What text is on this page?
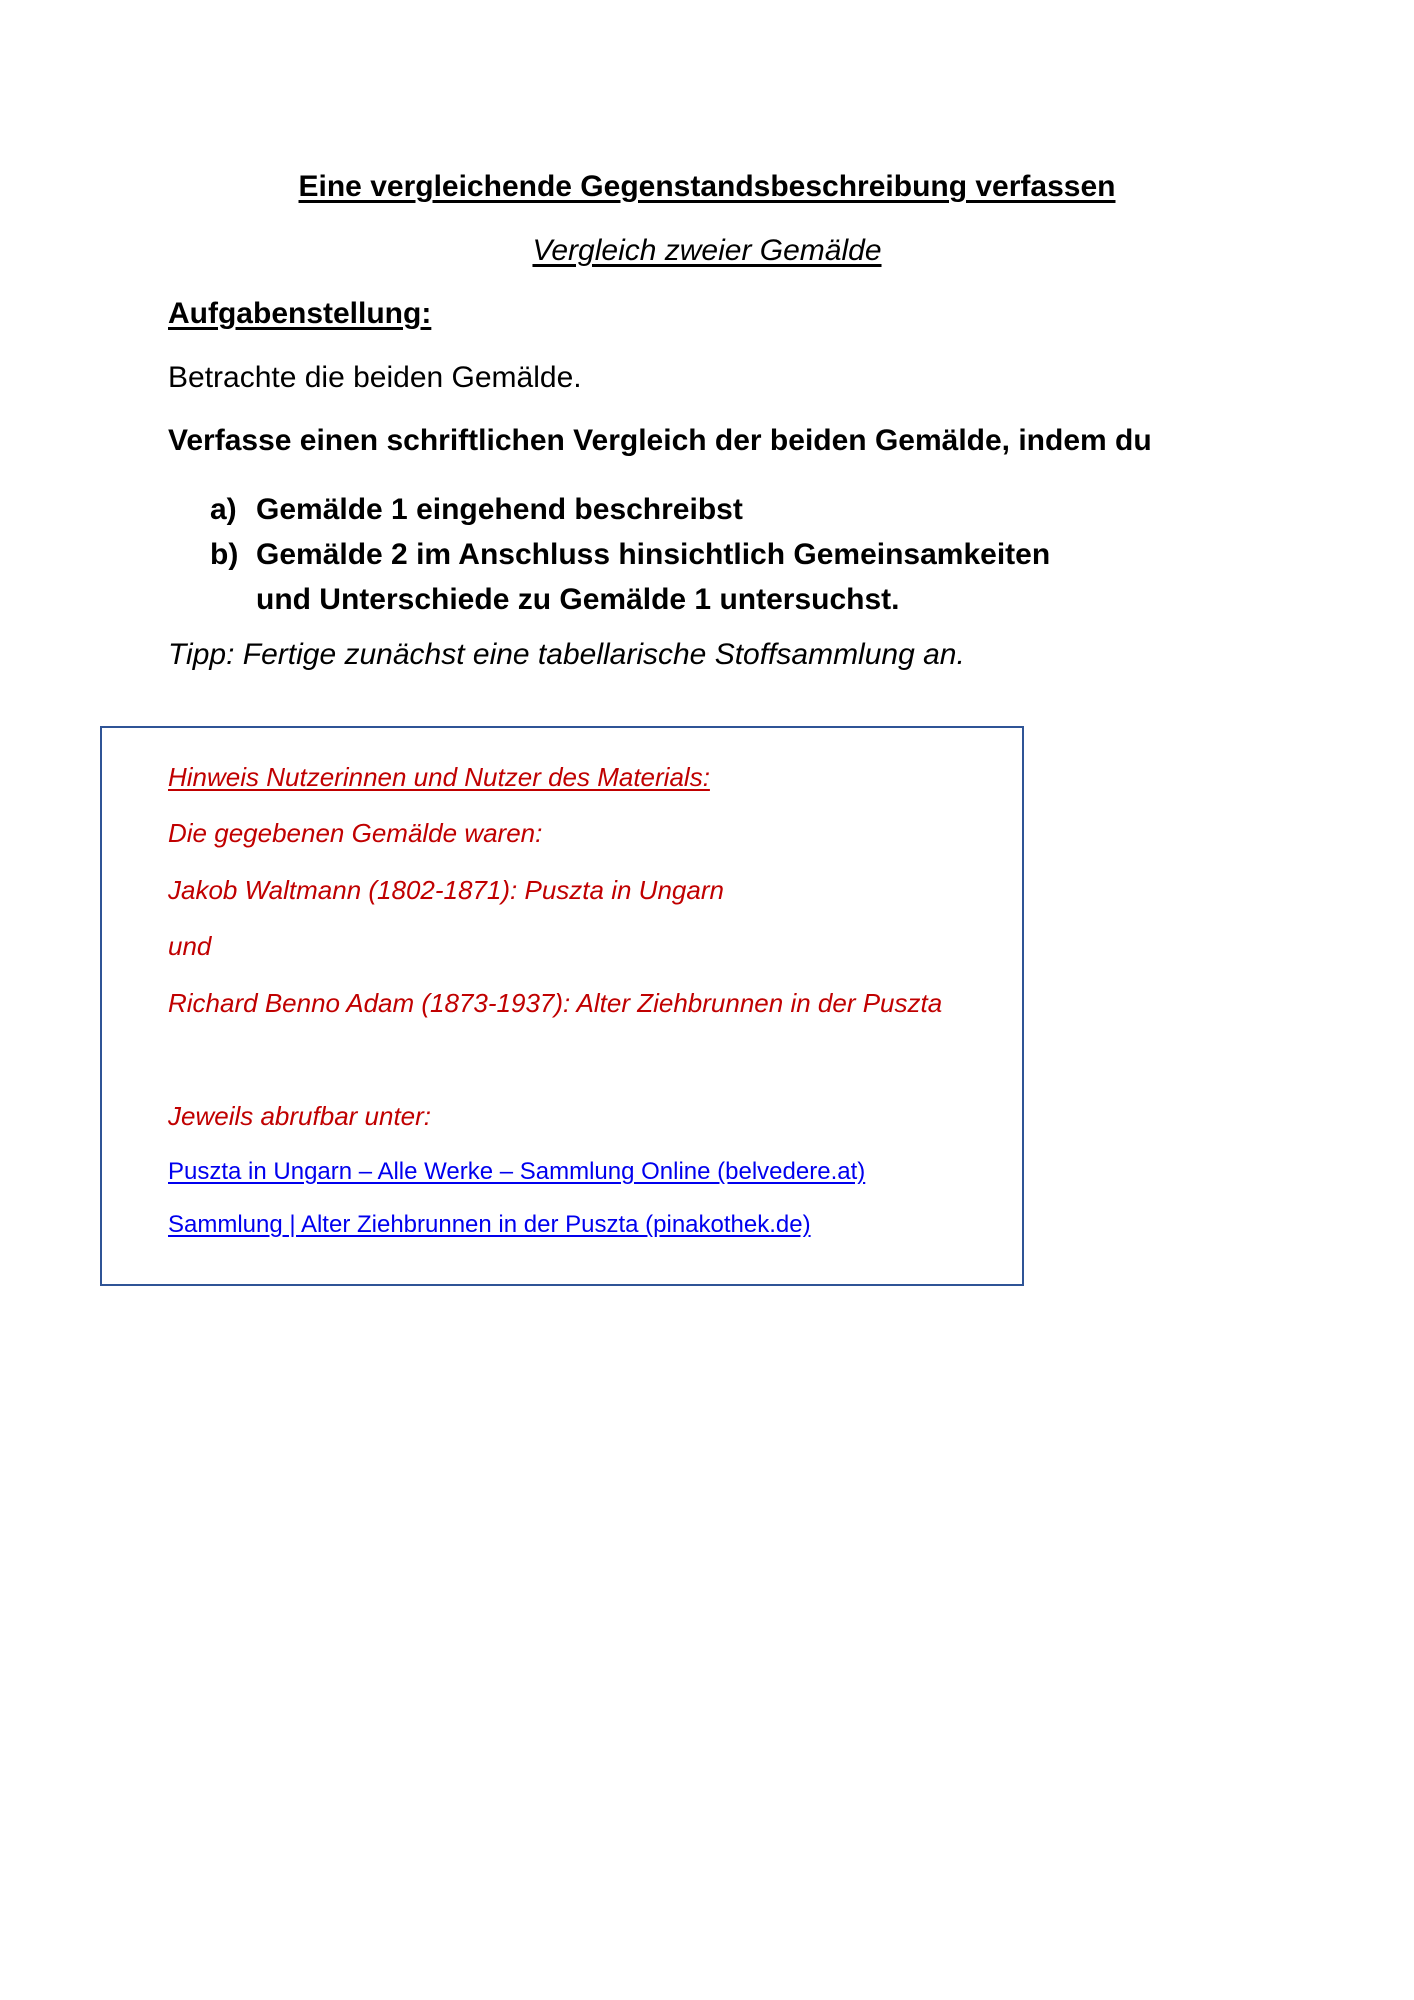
Eine vergleichende Gegenstandsbeschreibung verfassen
Vergleich zweier Gemälde
Aufgabenstellung:
Betrachte die beiden Gemälde.
Verfasse einen schriftlichen Vergleich der beiden Gemälde, indem du
a) Gemälde 1 eingehend beschreibst
b) Gemälde 2 im Anschluss hinsichtlich Gemeinsamkeiten und Unterschiede zu Gemälde 1 untersuchst.
Tipp: Fertige zunächst eine tabellarische Stoffsammlung an.
Hinweis Nutzerinnen und Nutzer des Materials:
Die gegebenen Gemälde waren:
Jakob Waltmann (1802-1871): Puszta in Ungarn
und
Richard Benno Adam (1873-1937): Alter Ziehbrunnen in der Puszta
Jeweils abrufbar unter:
Puszta in Ungarn – Alle Werke – Sammlung Online (belvedere.at)
Sammlung | Alter Ziehbrunnen in der Puszta (pinakothek.de)
